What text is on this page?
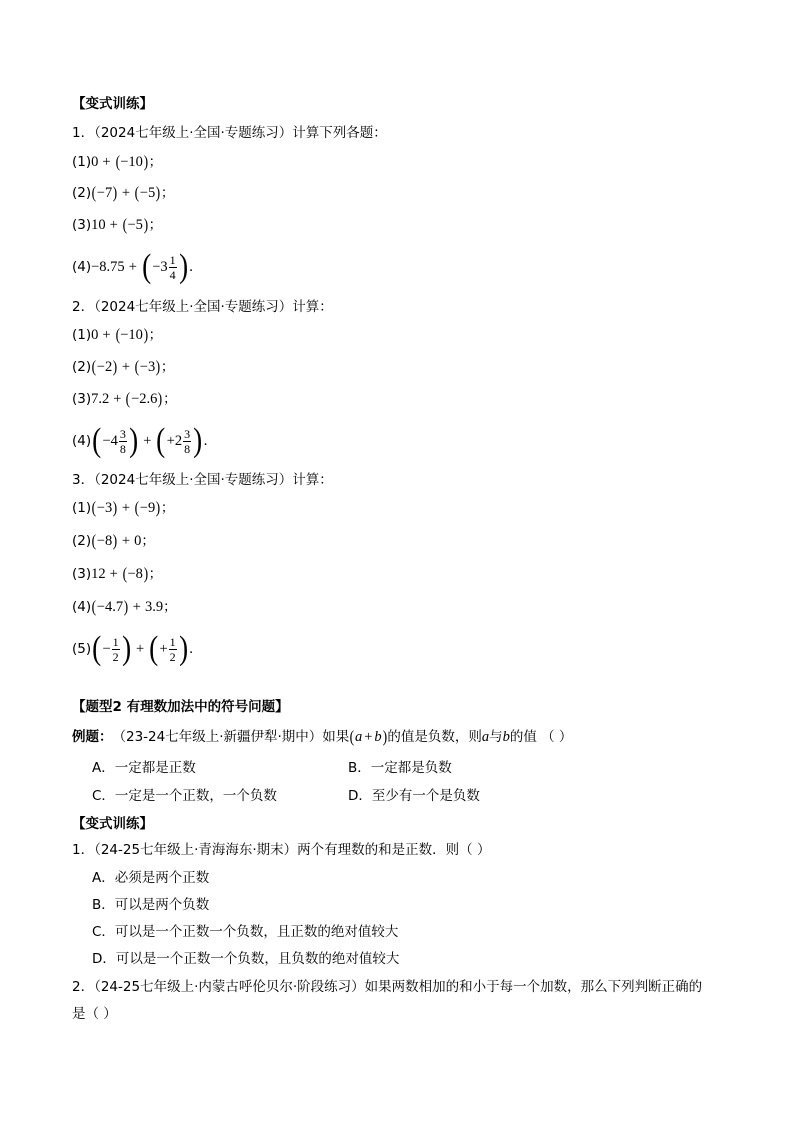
【变式训练】
1．（2024七年级上·全国·专题练习）计算下列各题：
(1) 0 + ( −10 ) ；
(2) ( −7 ) + ( −5 ) ；
(3) 10 + ( −5 ) ；
(4) −8.75 + ( $-3 \frac{1}{4}$ ) ．
2．（2024七年级上·全国·专题练习）计算：
(1) 0 + ( −10 ) ；
(2) ( −2 ) + ( −3 ) ；
(3) 7.2 + ( −2.6 ) ；
(4) ( $-4 \frac{3}{8}$ ) + ( $+2 \frac{3}{8}$ ) ．
3．（2024七年级上·全国·专题练习）计算：
(1) ( −3 ) + ( −9 ) ；
(2) ( −8 ) + 0 ；
(3) 12 + ( −8 ) ；
(4) ( −4.7 ) + 3.9 ；
(5) ( − $\frac{1}{2}$ ) + ( + $\frac{1}{2}$ ) ．
【题型2 有理数加法中的符号问题】
例题： （23-24七年级上·新疆伊犁·期中）如果 ( a + b ) 的值是负数，则 a 与 b 的值 （ ）
A．一定都是正数	B．一定都是负数
C．一定是一个正数，一个负数	D．至少有一个是负数
【变式训练】
1．（24-25七年级上·青海海东·期末）两个有理数的和是正数．则（ ）
A．必须是两个正数
B．可以是两个负数
C．可以是一个正数一个负数，且正数的绝对值较大
D．可以是一个正数一个负数，且负数的绝对值较大
2．（24-25七年级上·内蒙古呼伦贝尔·阶段练习）如果两数相加的和小于每一个加数，那么下列判断正确的
是（ ）
